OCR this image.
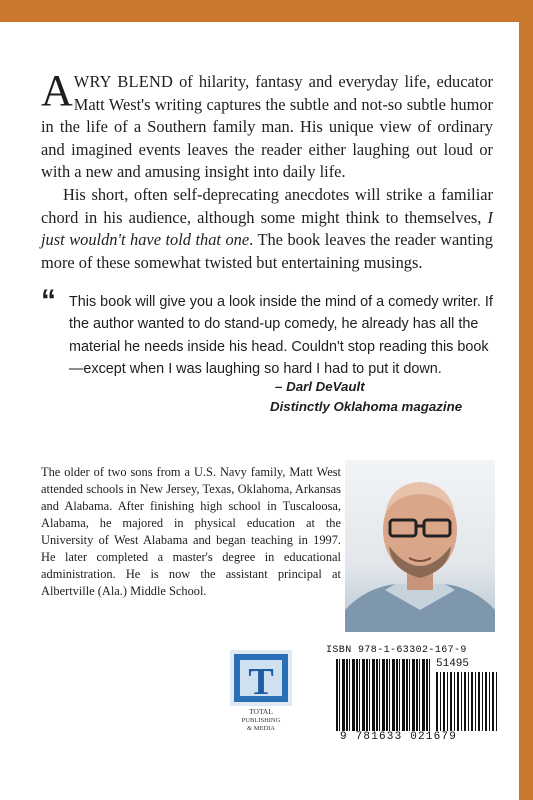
AWRY BLEND of hilarity, fantasy and everyday life, educator Matt West's writing captures the subtle and not-so subtle humor in the life of a Southern family man. His unique view of ordinary and imagined events leaves the reader either laughing out loud or with a new and amusing insight into daily life.

His short, often self-deprecating anecdotes will strike a familiar chord in his audience, although some might think to themselves, I just wouldn't have told that one. The book leaves the reader wanting more of these somewhat twisted but entertaining musings.

“ This book will give you a look inside the mind of a comedy writer. If the author wanted to do stand-up comedy, he already has all the material he needs inside his head. Couldn't stop reading this book—except when I was laughing so hard I had to put it down.
– Darl DeVault
Distinctly Oklahoma magazine
The older of two sons from a U.S. Navy family, Matt West attended schools in New Jersey, Texas, Oklahoma, Arkansas and Alabama. After finishing high school in Tuscaloosa, Alabama, he majored in physical education at the University of West Alabama and began teaching in 1997. He later completed a master's degree in educational administration. He is now the assistant principal at Albertville (Ala.) Middle School.
T
TOTAL
PUBLISHING
& MEDIA
ISBN 978-1-63302-167-9
51495
9 781633 021679
